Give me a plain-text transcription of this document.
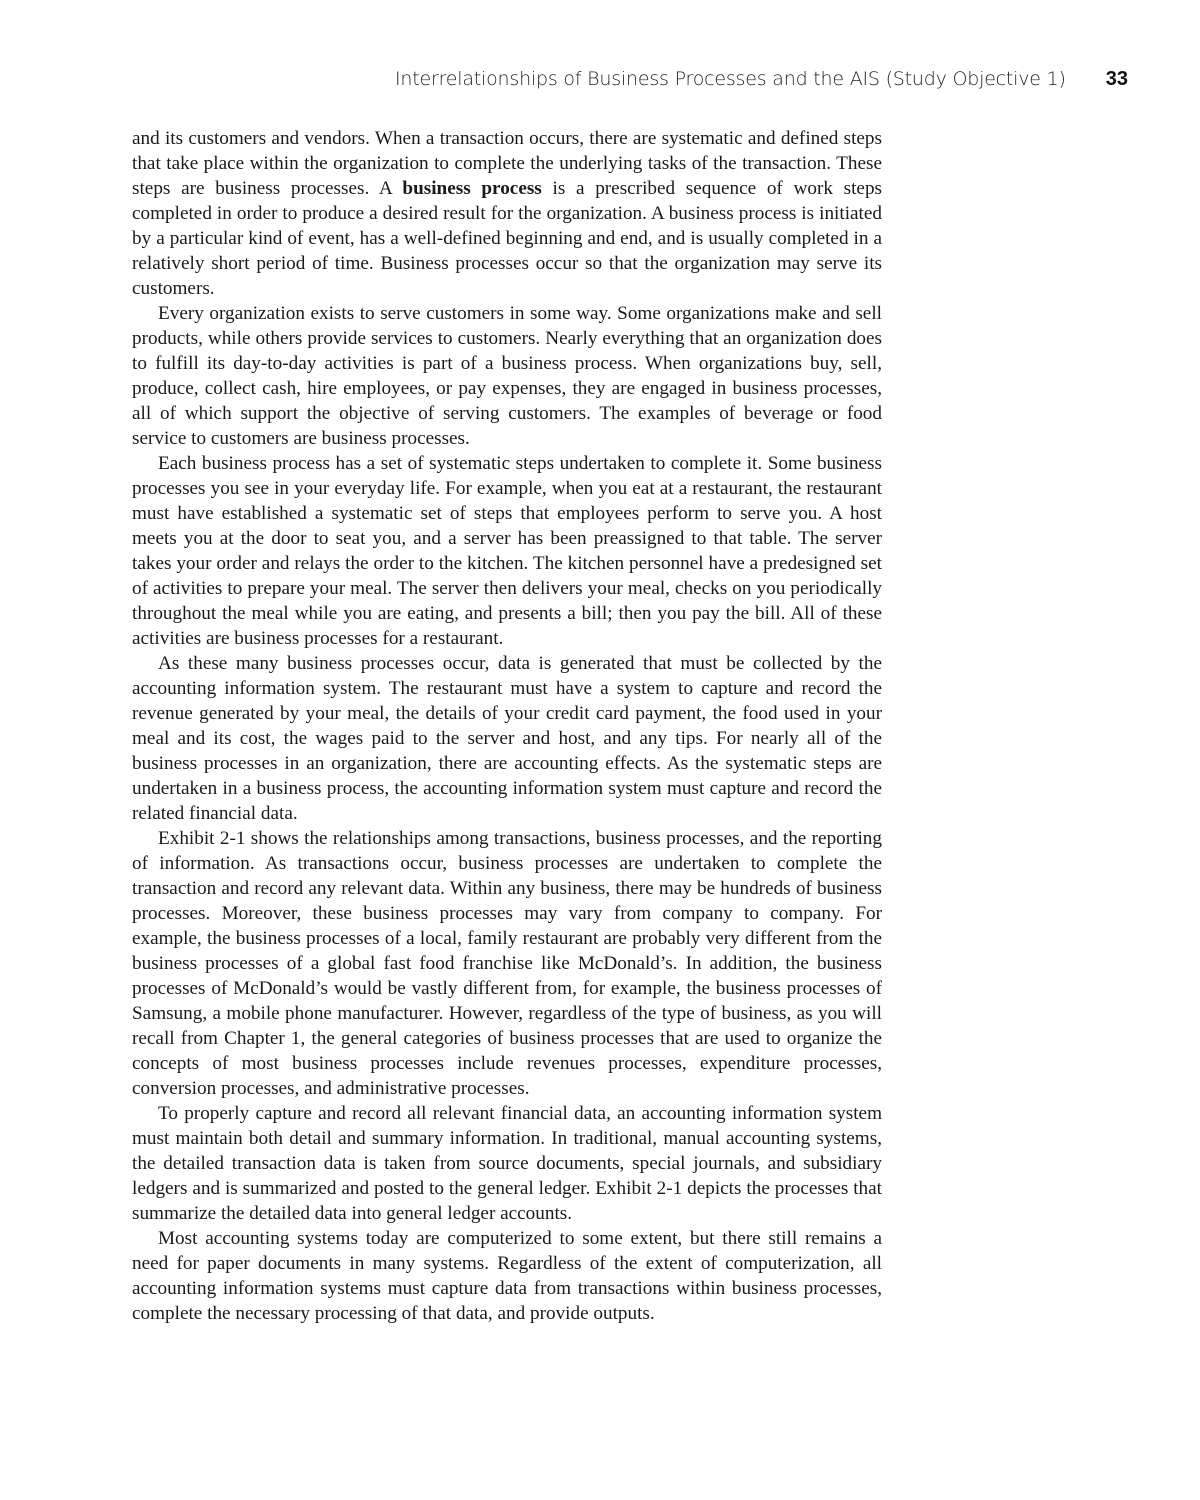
Interrelationships of Business Processes and the AIS (Study Objective 1) 33

and its customers and vendors. When a transaction occurs, there are systematic and defined steps that take place within the organization to complete the underlying tasks of the transaction. These steps are business processes. A business process is a prescribed sequence of work steps completed in order to produce a desired result for the organization. A business process is initiated by a particular kind of event, has a well-defined beginning and end, and is usually completed in a relatively short period of time. Business processes occur so that the organization may serve its customers.

Every organization exists to serve customers in some way. Some organizations make and sell products, while others provide services to customers. Nearly everything that an organization does to fulfill its day-to-day activities is part of a business process. When organizations buy, sell, produce, collect cash, hire employees, or pay expenses, they are engaged in business processes, all of which support the objective of serving customers. The examples of beverage or food service to customers are business processes.

Each business process has a set of systematic steps undertaken to complete it. Some business processes you see in your everyday life. For example, when you eat at a restaurant, the restaurant must have established a systematic set of steps that employees perform to serve you. A host meets you at the door to seat you, and a server has been preassigned to that table. The server takes your order and relays the order to the kitchen. The kitchen personnel have a predesigned set of activities to prepare your meal. The server then delivers your meal, checks on you periodically throughout the meal while you are eating, and presents a bill; then you pay the bill. All of these activities are business processes for a restaurant.

As these many business processes occur, data is generated that must be collected by the accounting information system. The restaurant must have a system to capture and record the revenue generated by your meal, the details of your credit card payment, the food used in your meal and its cost, the wages paid to the server and host, and any tips. For nearly all of the business processes in an organization, there are accounting effects. As the systematic steps are undertaken in a business process, the accounting information system must capture and record the related financial data.

Exhibit 2-1 shows the relationships among transactions, business processes, and the reporting of information. As transactions occur, business processes are undertaken to complete the transaction and record any relevant data. Within any business, there may be hundreds of business processes. Moreover, these business processes may vary from company to company. For example, the business processes of a local, family restaurant are probably very different from the business processes of a global fast food franchise like McDonald’s. In addition, the business processes of McDonald’s would be vastly different from, for example, the business processes of Samsung, a mobile phone manufacturer. However, regardless of the type of business, as you will recall from Chapter 1, the general categories of business processes that are used to organize the concepts of most business processes include revenues processes, expenditure processes, conversion processes, and administrative processes.

To properly capture and record all relevant financial data, an accounting information system must maintain both detail and summary information. In traditional, manual accounting systems, the detailed transaction data is taken from source documents, special journals, and subsidiary ledgers and is summarized and posted to the general ledger. Exhibit 2-1 depicts the processes that summarize the detailed data into general ledger accounts.

Most accounting systems today are computerized to some extent, but there still remains a need for paper documents in many systems. Regardless of the extent of computerization, all accounting information systems must capture data from transactions within business processes, complete the necessary processing of that data, and provide outputs.
